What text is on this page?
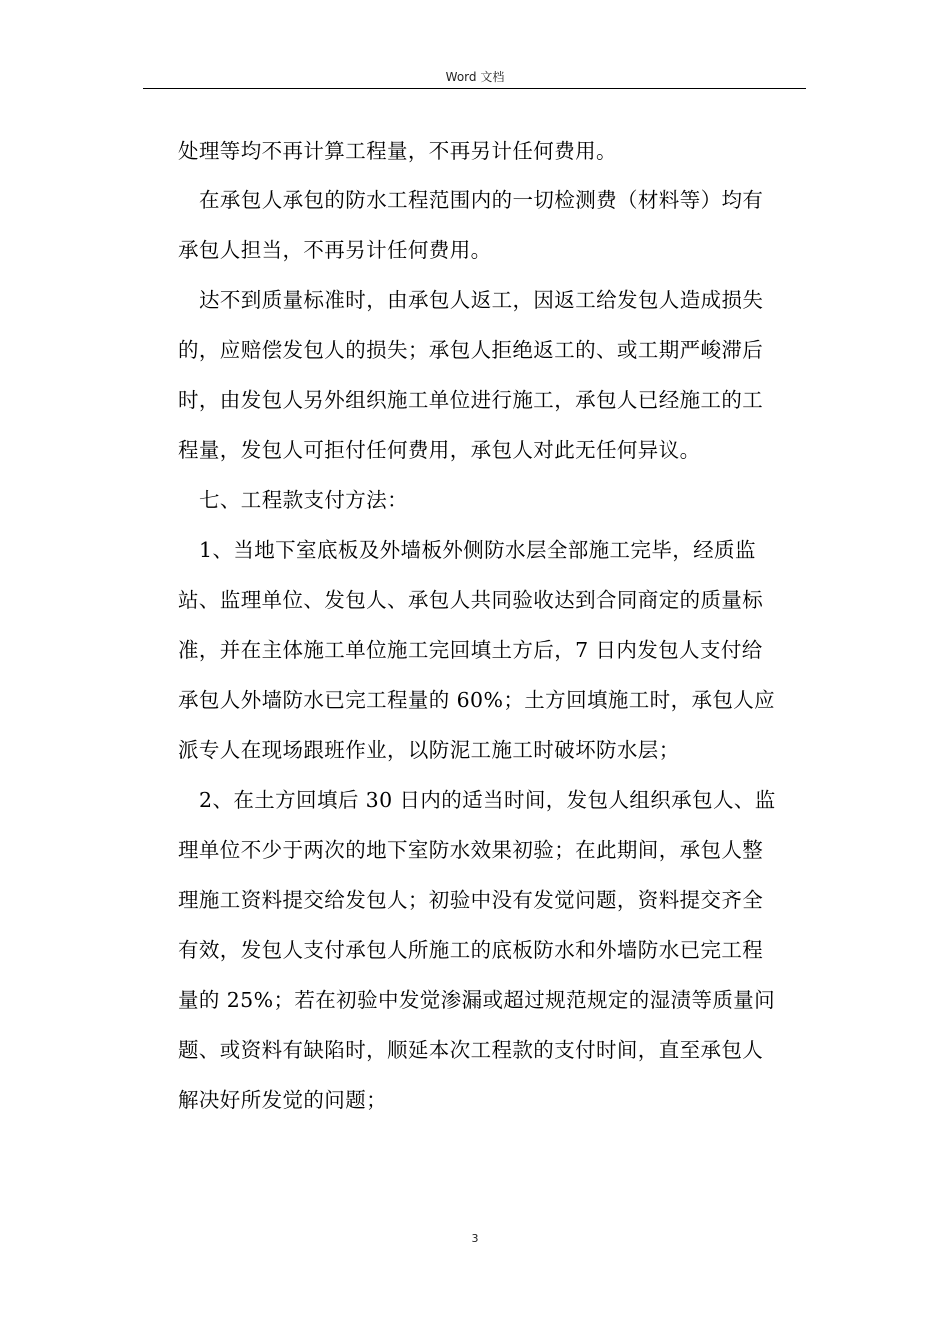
Word 文档
处理等均不再计算工程量，不再另计任何费用。
在承包人承包的防水工程范围内的一切检测费（材料等）均有
承包人担当，不再另计任何费用。
达不到质量标准时，由承包人返工，因返工给发包人造成损失
的，应赔偿发包人的损失；承包人拒绝返工的、或工期严峻滞后
时，由发包人另外组织施工单位进行施工，承包人已经施工的工
程量，发包人可拒付任何费用，承包人对此无任何异议。
七、工程款支付方法：
1、当地下室底板及外墙板外侧防水层全部施工完毕，经质监
站、监理单位、发包人、承包人共同验收达到合同商定的质量标
准，并在主体施工单位施工完回填土方后，7 日内发包人支付给
承包人外墙防水已完工程量的 60%；土方回填施工时，承包人应
派专人在现场跟班作业，以防泥工施工时破坏防水层；
2、在土方回填后 30 日内的适当时间，发包人组织承包人、监
理单位不少于两次的地下室防水效果初验；在此期间，承包人整
理施工资料提交给发包人；初验中没有发觉问题，资料提交齐全
有效，发包人支付承包人所施工的底板防水和外墙防水已完工程
量的 25%；若在初验中发觉渗漏或超过规范规定的湿渍等质量问
题、或资料有缺陷时，顺延本次工程款的支付时间，直至承包人
解决好所发觉的问题；
3
